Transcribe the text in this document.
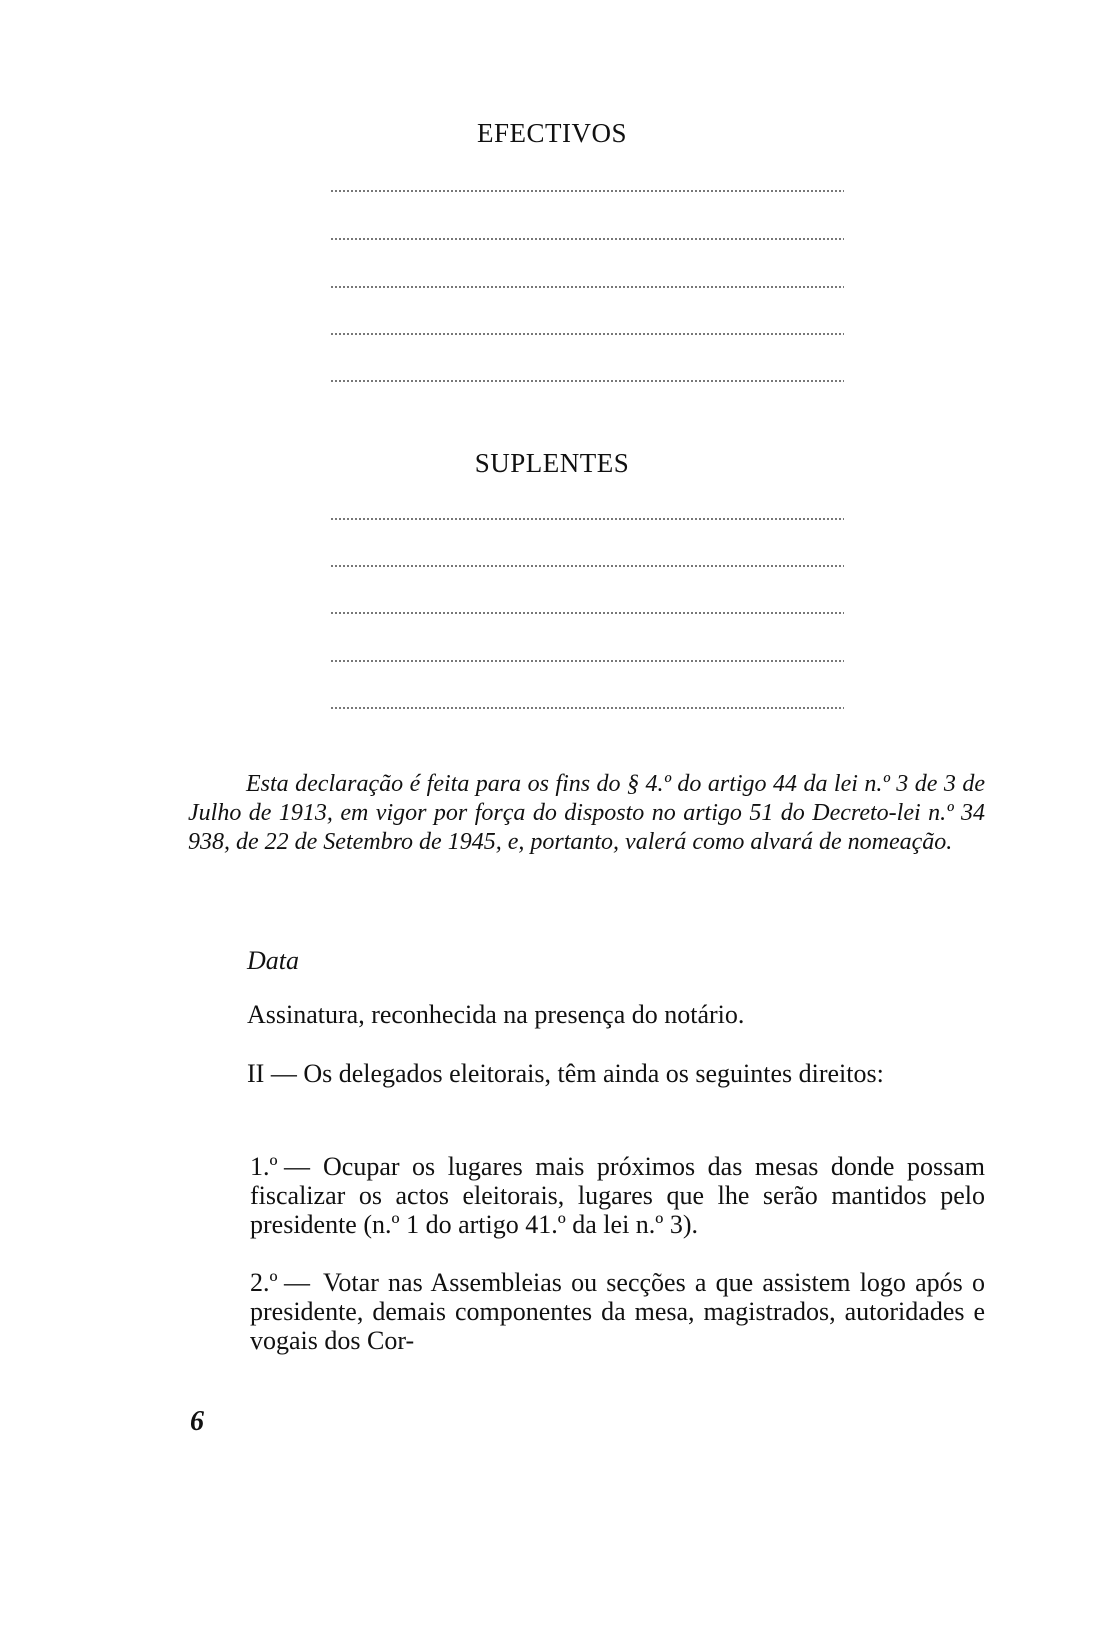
EFECTIVOS
SUPLENTES

Esta declaração é feita para os fins do § 4.º do artigo 44 da lei n.º 3 de 3 de Julho de 1913, em vigor por força do disposto no artigo 51 do Decreto-lei n.º 34 938, de 22 de Setembro de 1945, e, portanto, valerá como alvará de nomeação.

Data

Assinatura, reconhecida na presença do notário.

II — Os delegados eleitorais, têm ainda os seguintes direitos:

1.º — Ocupar os lugares mais próximos das mesas donde possam fiscalizar os actos eleitorais, lugares que lhe serão mantidos pelo presidente (n.º 1 do artigo 41.º da lei n.º 3).
2.º — Votar nas Assembleias ou secções a que assistem logo após o presidente, demais componentes da mesa, magistrados, autoridades e vogais dos Cor-
6
